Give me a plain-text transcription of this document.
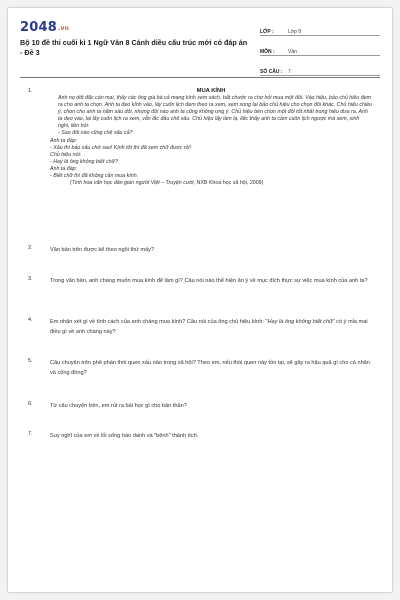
2048.vn
Bộ 10 đề thi cuối kì 1 Ngữ Văn 8 Cánh diều cấu trúc mới có đáp án - Đề 3
LỚP :	Lớp 8
MÔN :	Văn
SỐ CÂU :	7
1.	MUA KÍNH
Anh nọ dốt đặc cán mai, thấy các ông già bà cả mang kính xem sách, bắt chước ra chợ hỏi mua một đôi. Vào hiệu, bảo chủ hiệu đem ra cho anh ta chọn. Anh ta đeo kính vào, lấy cuốn lịch đem theo ra xem, xem xong lại bảo chủ hiệu cho chọn đôi khác. Chủ hiệu chiều ý, chọn cho anh ta năm sáu đôi, nhưng đôi nào anh ta cũng không ưng ý. Chủ hiệu bèn chọn một đôi tốt nhất trong hiệu đưa ra. Anh ta đeo vào, lại lấy cuốn lịch ra xem, vẫn lắc đầu chê xấu. Chủ hiệu lấy làm lạ, liếc thấy anh ta cầm cuốn lịch ngược mà xem, sinh nghi, liền hỏi:
- Sao đôi nào cũng chê xấu cả?
Anh ta đáp:
- Xấu thì bảo xấu chứ sao! Kính tốt thì đã xem chữ được rồi!
Chủ hiệu nói:
- Hay là ông không biết chữ?
Anh ta đáp:
- Biết chữ thì đã không cần mua kính.
(Tinh hoa văn học dân gian người Việt – Truyện cười, NXB Khoa học xã hội, 2009)
2.	Văn bản trên được kể theo ngôi thứ mấy?
3.	Trong văn bản, anh chàng muốn mua kính để làm gì? Câu nói nào thể hiện ẩn ý về mục đích thực sự việc mua kính của anh ta?
4.	Em nhận xét gì về tính cách của anh chàng mua kính? Câu nói của ông chủ hiệu kính: "Hay là ông không biết chữ" có ý mỉa mai điều gì về anh chàng này?
5.	Câu chuyện trên phê phán thói quen xấu nào trong xã hội? Theo em, nếu thói quen này tồn tại, sẽ gây ra hậu quả gì cho cá nhân và cộng đồng?
6.	Từ câu chuyện trên, em rút ra bài học gì cho bản thân?
7.	Suy nghĩ của em về lối sống háo danh và "bệnh" thành tích.
